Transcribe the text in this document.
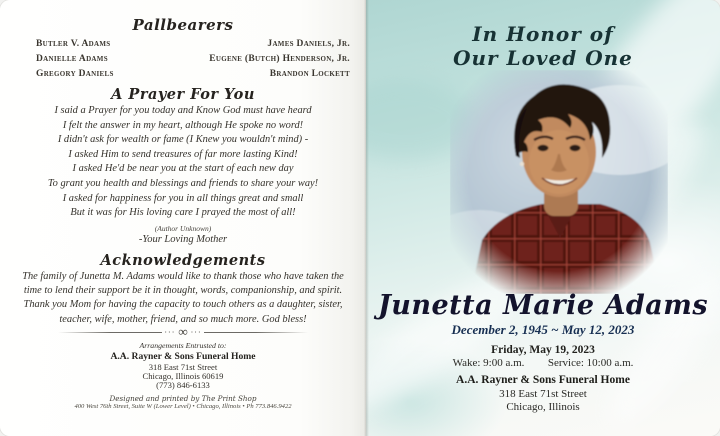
Pallbearers
Butler V. Adams	James Daniels, Jr.
Danielle Adams	Eugene (Butch) Henderson, Jr.
Gregory Daniels	Brandon Lockett
A Prayer For You
I said a Prayer for you today and Know God must have heard
I felt the answer in my heart, although He spoke no word!
I didn't ask for wealth or fame (I Knew you wouldn't mind) -
I asked Him to send treasures of far more lasting Kind!
I asked He'd be near you at the start of each new day
To grant you health and blessings and friends to share your way!
I asked for happiness for you in all things great and small
But it was for His loving care I prayed the most of all!
(Author Unknown)
-Your Loving Mother
Acknowledgements
The family of Junetta M. Adams would like to thank those who have taken the time to lend their support be it in thought, words, companionship, and spirit. Thank you Mom for having the capacity to touch others as a daughter, sister, teacher, wife, mother, friend, and so much more. God bless!
··· ∞ ···
Arrangements Entrusted to:
A.A. Rayner & Sons Funeral Home
318 East 71st Street
Chicago, Illinois 60619
(773) 846-6133
Designed and printed by The Print Shop
400 West 76th Street, Suite W (Lower Level) • Chicago, Illinois • Ph 773.846.9422
In Honor of
Our Loved One
Junetta Marie Adams
December 2, 1945 ~ May 12, 2023
Friday, May 19, 2023
Wake: 9:00 a.m. Service: 10:00 a.m.
A.A. Rayner & Sons Funeral Home
318 East 71st Street
Chicago, Illinois
